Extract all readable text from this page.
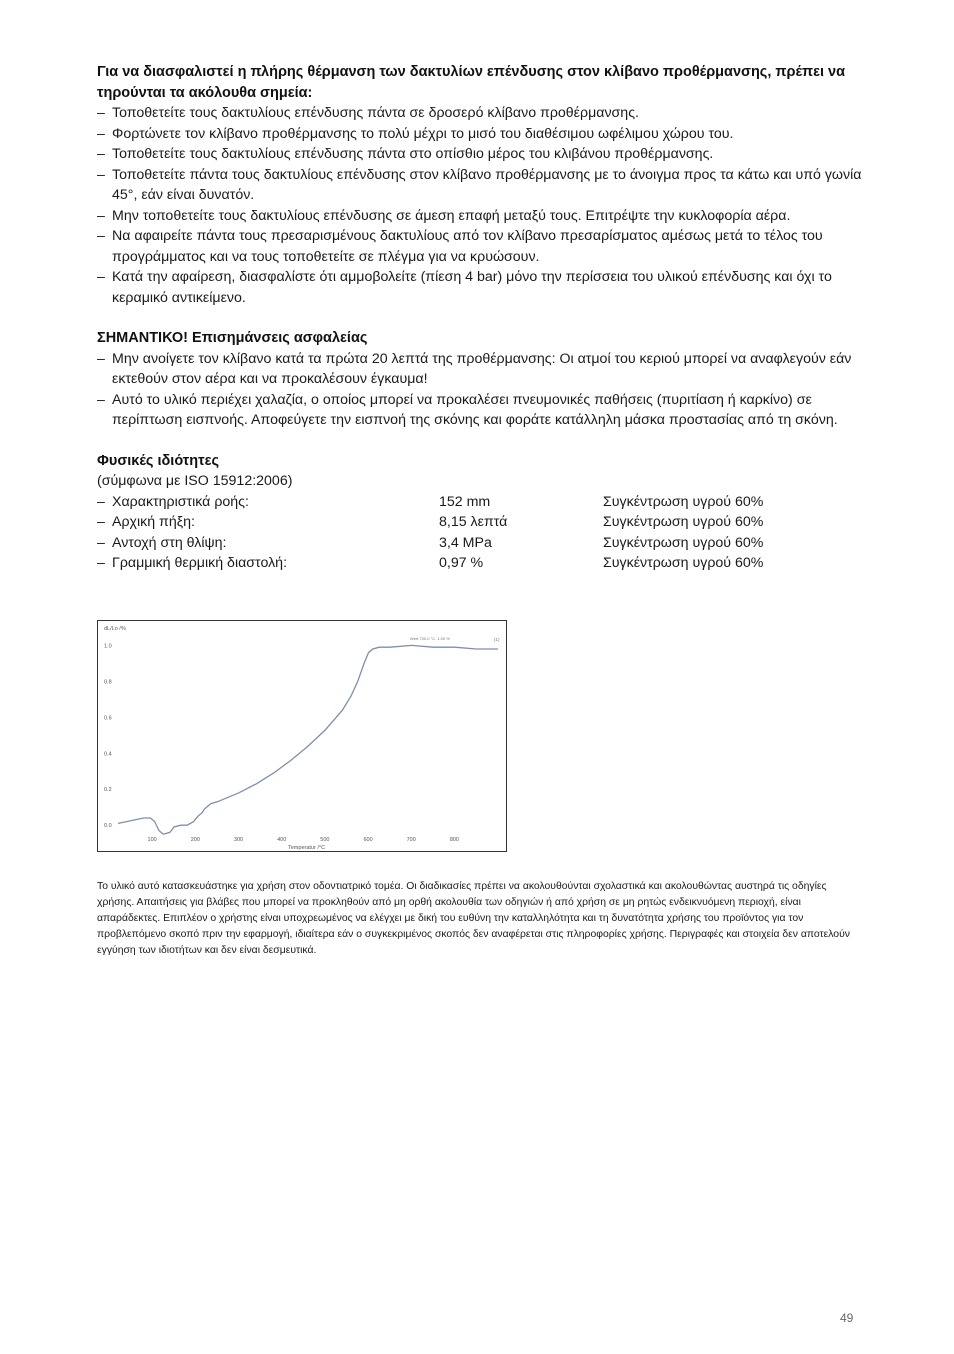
Για να διασφαλιστεί η πλήρης θέρμανση των δακτυλίων επένδυσης στον κλίβανο προθέρμανσης, πρέπει να τηρούνται τα ακόλουθα σημεία:
– Τοποθετείτε τους δακτυλίους επένδυσης πάντα σε δροσερό κλίβανο προθέρμανσης.
– Φορτώνετε τον κλίβανο προθέρμανσης το πολύ μέχρι το μισό του διαθέσιμου ωφέλιμου χώρου του.
– Τοποθετείτε τους δακτυλίους επένδυσης πάντα στο οπίσθιο μέρος του κλιβάνου προθέρμανσης.
– Τοποθετείτε πάντα τους δακτυλίους επένδυσης στον κλίβανο προθέρμανσης με το άνοιγμα προς τα κάτω και υπό γωνία 45°, εάν είναι δυνατόν.
– Μην τοποθετείτε τους δακτυλίους επένδυσης σε άμεση επαφή μεταξύ τους. Επιτρέψτε την κυκλοφορία αέρα.
– Να αφαιρείτε πάντα τους πρεσαρισμένους δακτυλίους από τον κλίβανο πρεσαρίσματος αμέσως μετά το τέλος του προγράμματος και να τους τοποθετείτε σε πλέγμα για να κρυώσουν.
– Κατά την αφαίρεση, διασφαλίστε ότι αμμοβολείτε (πίεση 4 bar) μόνο την περίσσεια του υλικού επένδυσης και όχι το κεραμικό αντικείμενο.
ΣΗΜΑΝΤΙΚΟ! Επισημάνσεις ασφαλείας
– Μην ανοίγετε τον κλίβανο κατά τα πρώτα 20 λεπτά της προθέρμανσης: Οι ατμοί του κεριού μπορεί να αναφλεγούν εάν εκτεθούν στον αέρα και να προκαλέσουν έγκαυμα!
– Αυτό το υλικό περιέχει χαλαζία, ο οποίος μπορεί να προκαλέσει πνευμονικές παθήσεις (πυριτίαση ή καρκίνο) σε περίπτωση εισπνοής. Αποφεύγετε την εισπνοή της σκόνης και φοράτε κατάλληλη μάσκα προστασίας από τη σκόνη.
Φυσικές ιδιότητες
(σύμφωνα με ISO 15912:2006)
– Χαρακτηριστικά ροής:	152 mm	Συγκέντρωση υγρού 60%
– Αρχική πήξη:	8,15 λεπτά	Συγκέντρωση υγρού 60%
– Αντοχή στη θλίψη:	3,4 MPa	Συγκέντρωση υγρού 60%
– Γραμμική θερμική διαστολή:	0,97 %	Συγκέντρωση υγρού 60%
dL/Lo /%
Temperatur /°C
Wert 700.0 °C, 1.00 %	(1)
1.0
0.8
0.6
0.4
0.2
0.0
100	200	300	400	500	600	700	800
Το υλικό αυτό κατασκευάστηκε για χρήση στον οδοντιατρικό τομέα. Οι διαδικασίες πρέπει να ακολουθούνται σχολαστικά και ακολουθώντας αυστηρά τις οδηγίες χρήσης. Απαιτήσεις για βλάβες που μπορεί να προκληθούν από μη ορθή ακολουθία των οδηγιών ή από χρήση σε μη ρητώς ενδεικνυόμενη περιοχή, είναι απαράδεκτες. Επιπλέον ο χρήστης είναι υποχρεωμένος να ελέγχει με δική του ευθύνη την καταλληλότητα και τη δυνατότητα χρήσης του προϊόντος για τον προβλεπόμενο σκοπό πριν την εφαρμογή, ιδιαίτερα εάν ο συγκεκριμένος σκοπός δεν αναφέρεται στις πληροφορίες χρήσης. Περιγραφές και στοιχεία δεν αποτελούν εγγύηση των ιδιοτήτων και δεν είναι δεσμευτικά.
49
